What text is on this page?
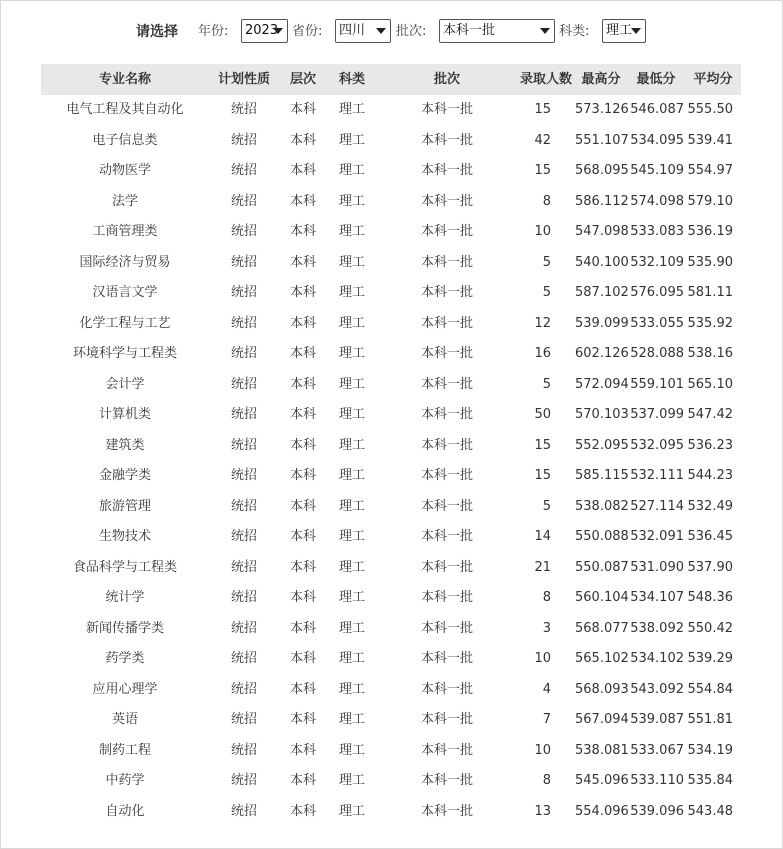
请选择 年份: 2023 省份: 四川	批次: 本科一批	科类: 理工
专业名称	计划性质	层次	科类	批次	录取人数 最高分	最低分	平均分
电气工程及其自动化	统招	本科	理工	本科一批	15	573.126 546.087 555.50
电子信息类	统招	本科	理工	本科一批	42	551.107 534.095 539.41
动物医学	统招	本科	理工	本科一批	15	568.095 545.109 554.97
法学	统招	本科	理工	本科一批	8	586.112 574.098 579.10
工商管理类	统招	本科	理工	本科一批	10	547.098 533.083 536.19
国际经济与贸易	统招	本科	理工	本科一批	5	540.100 532.109 535.90
汉语言文学	统招	本科	理工	本科一批	5	587.102 576.095 581.11
化学工程与工艺	统招	本科	理工	本科一批	12	539.099 533.055 535.92
环境科学与工程类	统招	本科	理工	本科一批	16	602.126 528.088 538.16
会计学	统招	本科	理工	本科一批	5	572.094 559.101 565.10
计算机类	统招	本科	理工	本科一批	50	570.103 537.099 547.42
建筑类	统招	本科	理工	本科一批	15	552.095 532.095 536.23
金融学类	统招	本科	理工	本科一批	15	585.115 532.111 544.23
旅游管理	统招	本科	理工	本科一批	5	538.082 527.114 532.49
生物技术	统招	本科	理工	本科一批	14	550.088 532.091 536.45
食品科学与工程类	统招	本科	理工	本科一批	21	550.087 531.090 537.90
统计学	统招	本科	理工	本科一批	8	560.104 534.107 548.36
新闻传播学类	统招	本科	理工	本科一批	3	568.077 538.092 550.42
药学类	统招	本科	理工	本科一批	10	565.102 534.102 539.29
应用心理学	统招	本科	理工	本科一批	4	568.093 543.092 554.84
英语	统招	本科	理工	本科一批	7	567.094 539.087 551.81
制药工程	统招	本科	理工	本科一批	10	538.081 533.067 534.19
中药学	统招	本科	理工	本科一批	8	545.096 533.110 535.84
自动化	统招	本科	理工	本科一批	13	554.096 539.096 543.48
